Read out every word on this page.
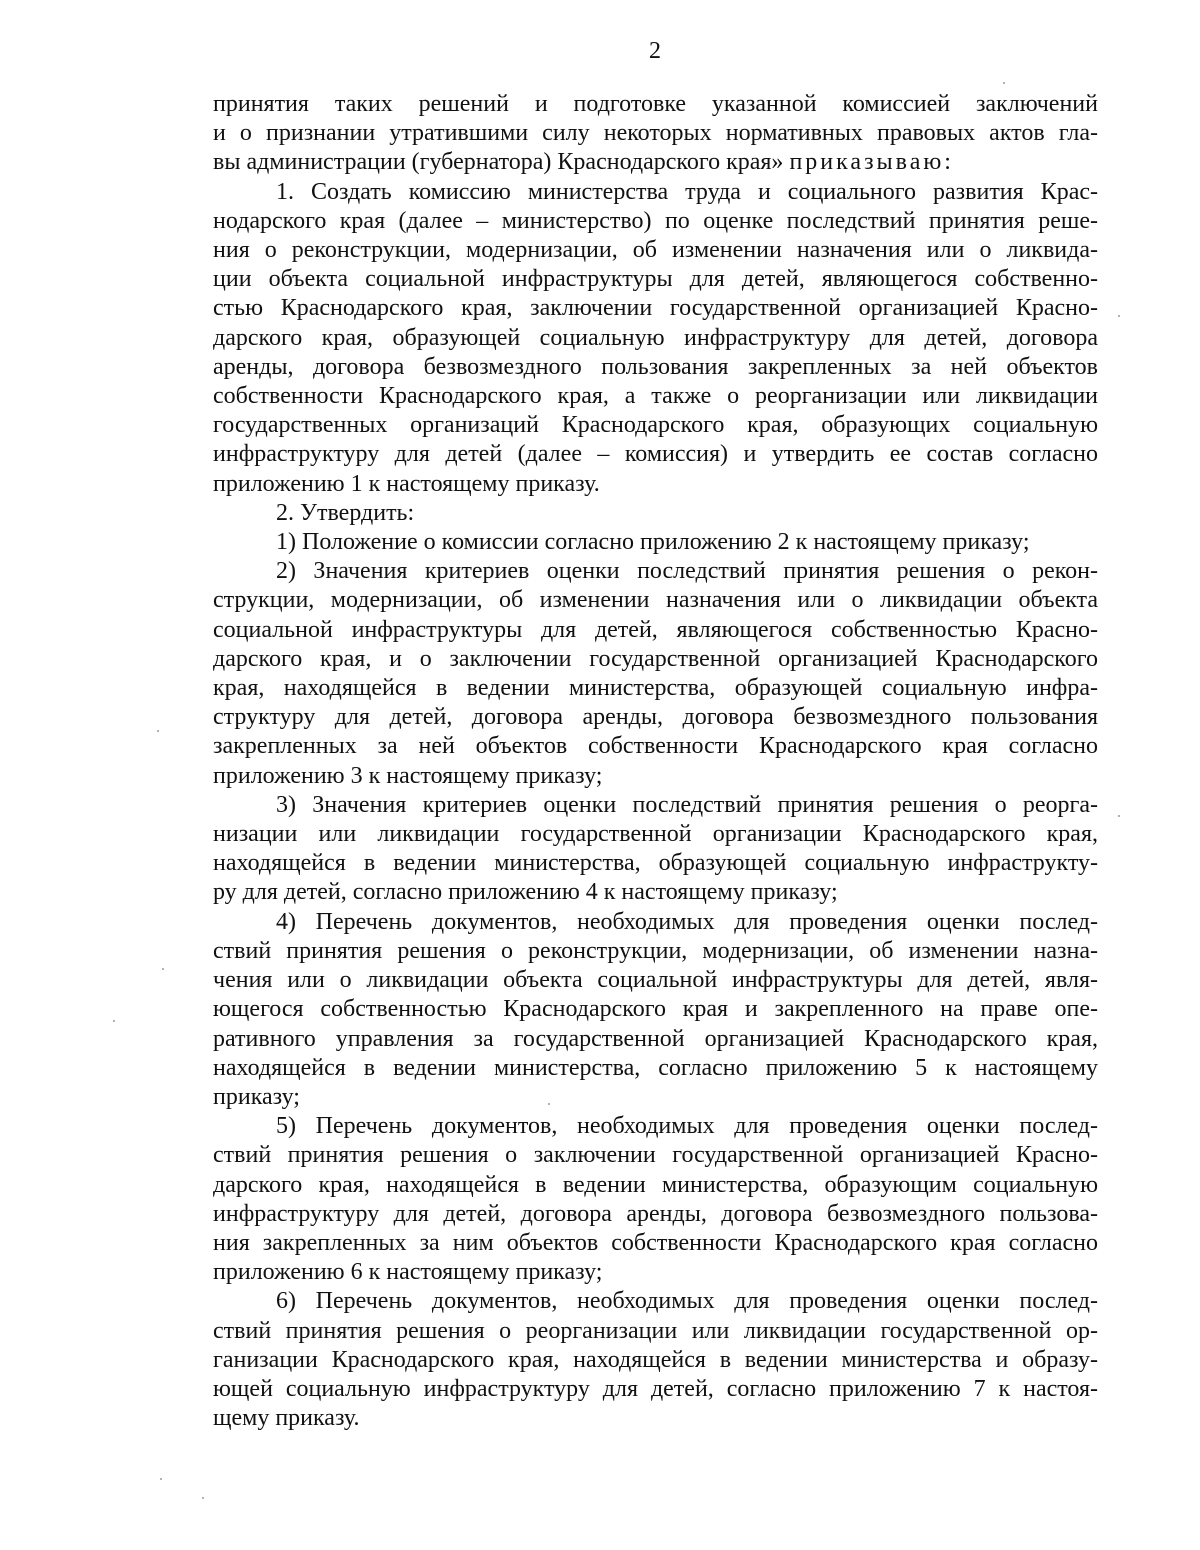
2

принятия таких решений и подготовке указанной комиссией заключений

и о признании утратившими силу некоторых нормативных правовых актов гла-

вы администрации (губернатора) Краснодарского края» приказываю:

1. Создать комиссию министерства труда и социального развития Крас-

нодарского края (далее – министерство) по оценке последствий принятия реше-

ния о реконструкции, модернизации, об изменении назначения или о ликвида-

ции объекта социальной инфраструктуры для детей, являющегося собственно-

стью Краснодарского края, заключении государственной организацией Красно-

дарского края, образующей социальную инфраструктуру для детей, договора

аренды, договора безвозмездного пользования закрепленных за ней объектов

собственности Краснодарского края, а также о реорганизации или ликвидации

государственных организаций Краснодарского края, образующих социальную

инфраструктуру для детей (далее – комиссия) и утвердить ее состав согласно

приложению 1 к настоящему приказу.

2. Утвердить:

1) Положение о комиссии согласно приложению 2 к настоящему приказу;

2) Значения критериев оценки последствий принятия решения о рекон-

струкции, модернизации, об изменении назначения или о ликвидации объекта

социальной инфраструктуры для детей, являющегося собственностью Красно-

дарского края, и о заключении государственной организацией Краснодарского

края, находящейся в ведении министерства, образующей социальную инфра-

структуру для детей, договора аренды, договора безвозмездного пользования

закрепленных за ней объектов собственности Краснодарского края согласно

приложению 3 к настоящему приказу;

3) Значения критериев оценки последствий принятия решения о реорга-

низации или ликвидации государственной организации Краснодарского края,

находящейся в ведении министерства, образующей социальную инфраструкту-

ру для детей, согласно приложению 4 к настоящему приказу;

4) Перечень документов, необходимых для проведения оценки послед-

ствий принятия решения о реконструкции, модернизации, об изменении назна-

чения или о ликвидации объекта социальной инфраструктуры для детей, явля-

ющегося собственностью Краснодарского края и закрепленного на праве опе-

ративного управления за государственной организацией Краснодарского края,

находящейся в ведении министерства, согласно приложению 5 к настоящему

приказу;

5) Перечень документов, необходимых для проведения оценки послед-

ствий принятия решения о заключении государственной организацией Красно-

дарского края, находящейся в ведении министерства, образующим социальную

инфраструктуру для детей, договора аренды, договора безвозмездного пользова-

ния закрепленных за ним объектов собственности Краснодарского края согласно

приложению 6 к настоящему приказу;

6) Перечень документов, необходимых для проведения оценки послед-

ствий принятия решения о реорганизации или ликвидации государственной ор-

ганизации Краснодарского края, находящейся в ведении министерства и образу-

ющей социальную инфраструктуру для детей, согласно приложению 7 к настоя-

щему приказу.
